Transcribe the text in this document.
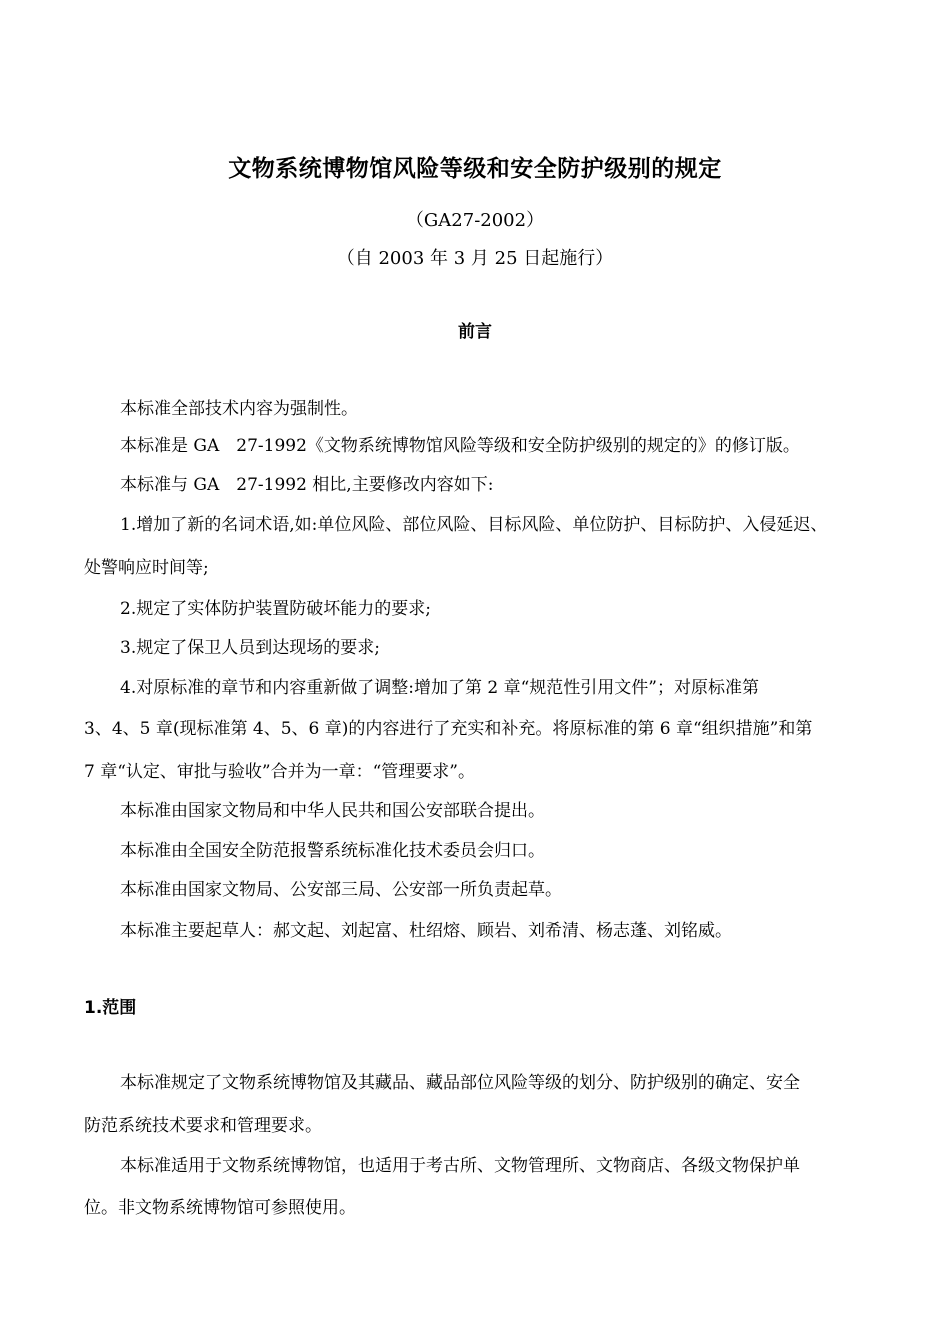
文物系统博物馆风险等级和安全防护级别的规定
（GA27-2002）
（自 2003 年 3 月 25 日起施行）
前言
本标准全部技术内容为强制性。
本标准是 GA　27-1992《文物系统博物馆风险等级和安全防护级别的规定的》的修订版。
本标准与 GA　27-1992 相比,主要修改内容如下:
1.增加了新的名词术语,如:单位风险、部位风险、目标风险、单位防护、目标防护、入侵延迟、
处警响应时间等;
2.规定了实体防护装置防破坏能力的要求;
3.规定了保卫人员到达现场的要求;
4.对原标准的章节和内容重新做了调整:增加了第 2 章“规范性引用文件”；对原标准第
3、4、5 章(现标准第 4、5、6 章)的内容进行了充实和补充。将原标准的第 6 章“组织措施”和第
7 章“认定、审批与验收”合并为一章：“管理要求”。
本标准由国家文物局和中华人民共和国公安部联合提出。
本标准由全国安全防范报警系统标准化技术委员会归口。
本标准由国家文物局、公安部三局、公安部一所负责起草。
本标准主要起草人：郝文起、刘起富、杜绍熔、顾岩、刘希清、杨志蓬、刘铭威。
1.范围
本标准规定了文物系统博物馆及其藏品、藏品部位风险等级的划分、防护级别的确定、安全
防范系统技术要求和管理要求。
本标准适用于文物系统博物馆，也适用于考古所、文物管理所、文物商店、各级文物保护单
位。非文物系统博物馆可参照使用。
